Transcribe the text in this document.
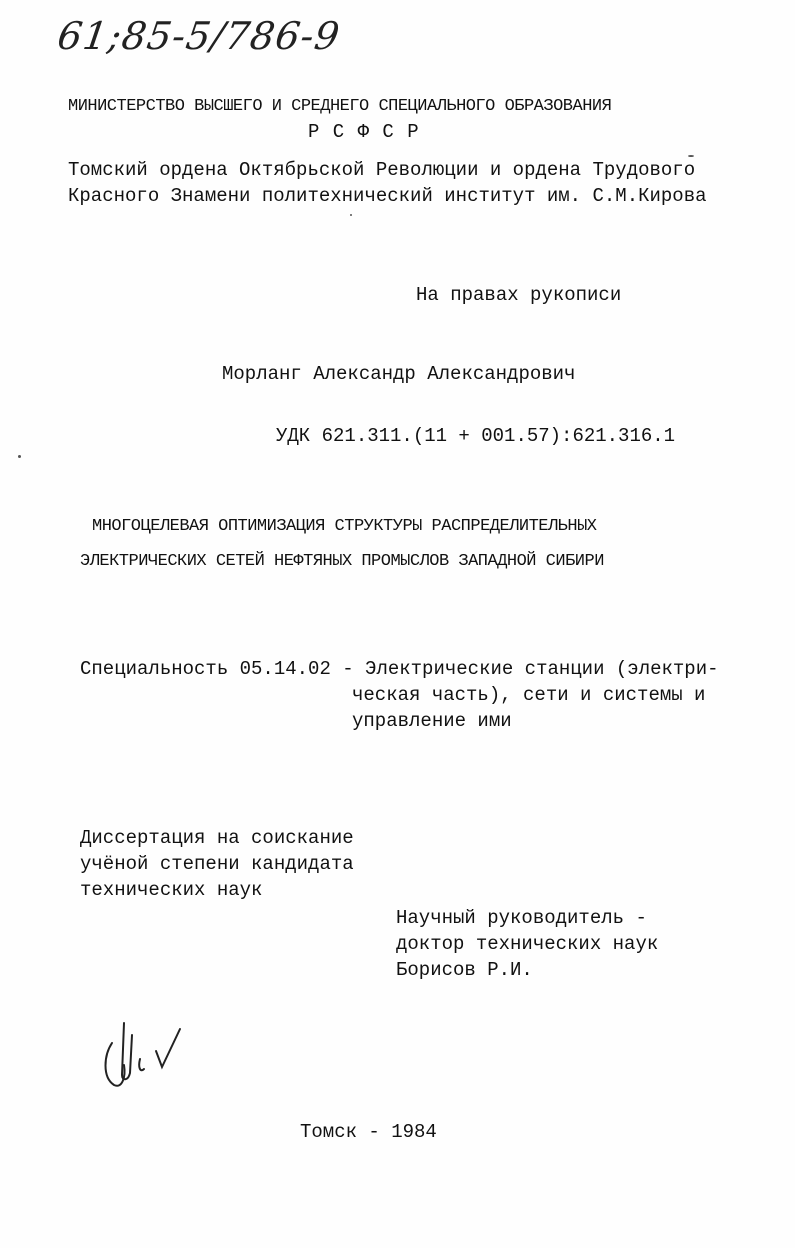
61;85-5/786-9
МИНИСТЕРСТВО ВЫСШЕГО И СРЕДНЕГО СПЕЦИАЛЬНОГО ОБРАЗОВАНИЯ
Р С Ф С Р
Томский ордена Октябрьской Революции и ордена Трудового
Красного Знамени политехнический институт им. С.М.Кирова
На правах рукописи
Морланг Александр Александрович
УДК 621.311.(11 + 001.57):621.316.1
МНОГОЦЕЛЕВАЯ ОПТИМИЗАЦИЯ СТРУКТУРЫ РАСПРЕДЕЛИТЕЛЬНЫХ
ЭЛЕКТРИЧЕСКИХ СЕТЕЙ НЕФТЯНЫХ ПРОМЫСЛОВ ЗАПАДНОЙ СИБИРИ
Специальность 05.14.02 - Электрические станции (электри-
ческая часть), сети и системы и
управление ими
Диссертация на соискание
учёной степени кандидата
технических наук
Научный руководитель -
доктор технических наук
Борисов Р.И.
Томск - 1984
